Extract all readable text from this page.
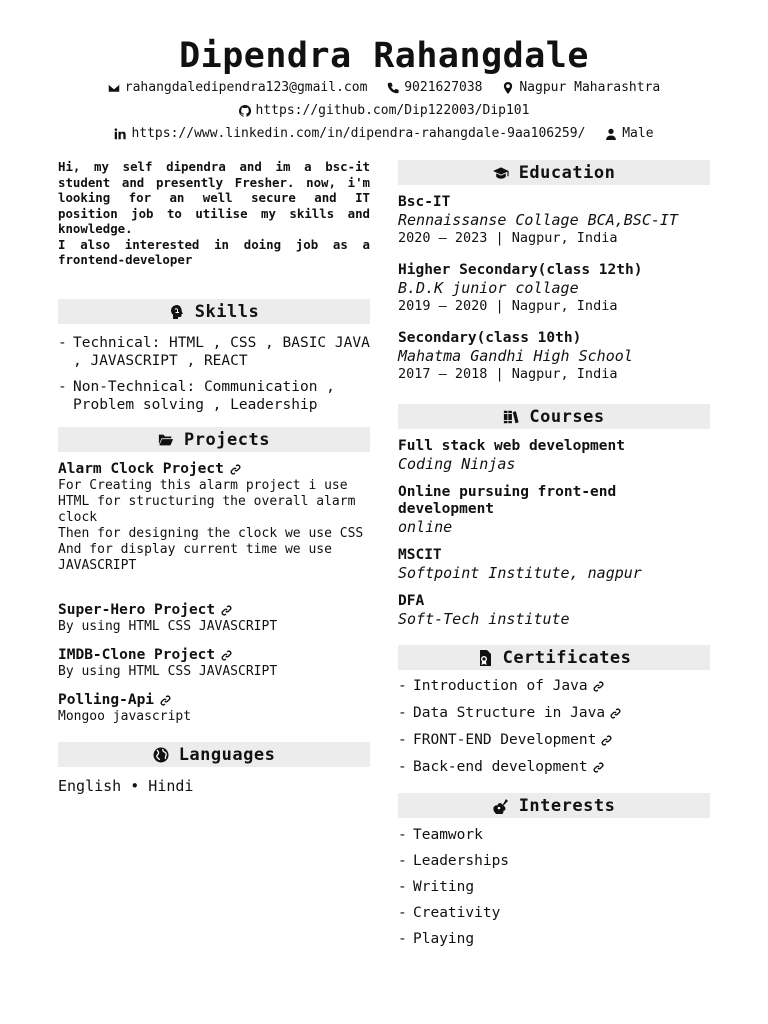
Dipendra Rahangdale
rahangdaledipendra123@gmail.com
	9021627038
	Nagpur Maharashtra
https://github.com/Dip122003/Dip101
https://www.linkedin.com/in/dipendra-rahangdale-9aa106259/
	Male

Hi, my self dipendra and im a bsc-it student and presently Fresher. now, i'm looking for an well secure and IT position job to utilise my skills and knowledge.

I also interested in doing job as a frontend-developer

Skills
- Technical: HTML , CSS , BASIC JAVA , JAVASCRIPT , REACT
- Non-Technical: Communication , Problem solving , Leadership
Projects
Alarm Clock Project
For Creating this alarm project i use HTML for structuring the overall alarm clock
Then for designing the clock we use CSS
And for display current time we use JAVASCRIPT
Super-Hero Project
By using HTML CSS JAVASCRIPT
IMDB-Clone Project
By using HTML CSS JAVASCRIPT
Polling-Api
Mongoo javascript
Languages
English • Hindi
Education
Bsc-IT
Rennaissanse Collage BCA,BSC-IT
2020 – 2023 | Nagpur, India
Higher Secondary(class 12th)
B.D.K junior collage
2019 – 2020 | Nagpur, India
Secondary(class 10th)
Mahatma Gandhi High School
2017 – 2018 | Nagpur, India
Courses
Full stack web development
Coding Ninjas
Online pursuing front-end development
online
MSCIT
Softpoint Institute, nagpur
DFA
Soft-Tech institute
Certificates
- Introduction of Java
- Data Structure in Java
- FRONT-END Development
- Back-end development
Interests
- Teamwork
- Leaderships
- Writing
- Creativity
- Playing
